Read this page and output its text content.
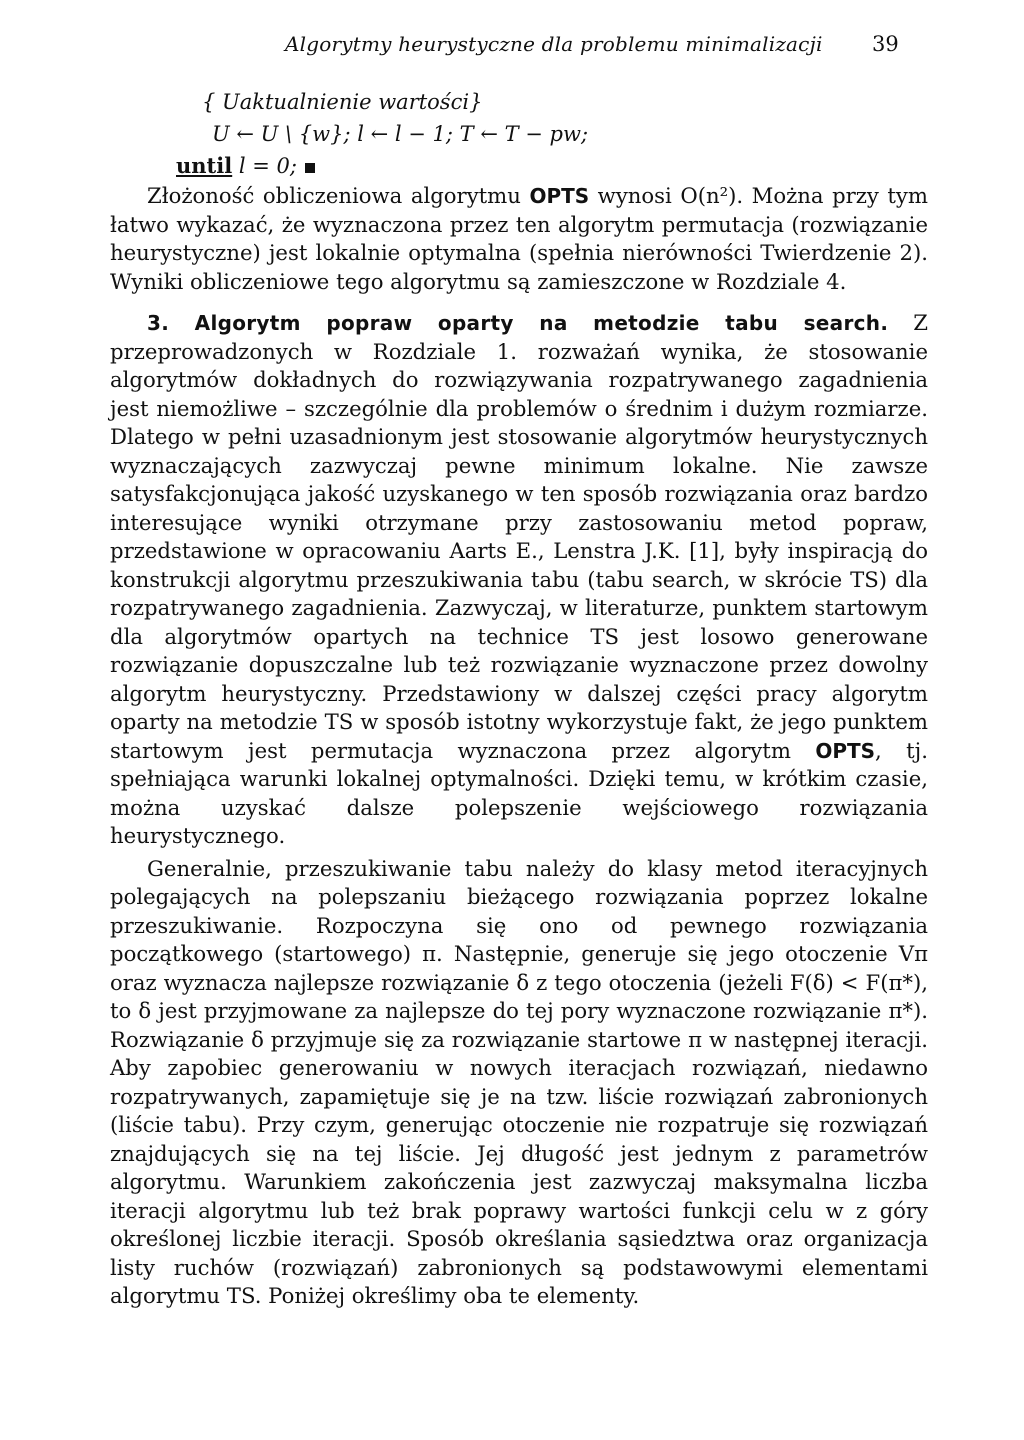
Algorytmy heurystyczne dla problemu minimalizacji 39
{ Uaktualnienie wartości}
U ← U \ {w}; l ← l − 1; T ← T − pw;
until l = 0;

Złożoność obliczeniowa algorytmu OPTS wynosi O(n²). Można przy tym łatwo wykazać, że wyznaczona przez ten algorytm permutacja (rozwiązanie heurystyczne) jest lokalnie optymalna (spełnia nierówności Twierdzenie 2). Wyniki obliczeniowe tego algorytmu są zamieszczone w Rozdziale 4.

3. Algorytm popraw oparty na metodzie tabu search. Z przeprowadzonych w Rozdziale 1. rozważań wynika, że stosowanie algorytmów dokładnych do rozwiązywania rozpatrywanego zagadnienia jest niemożliwe – szczególnie dla problemów o średnim i dużym rozmiarze. Dlatego w pełni uzasadnionym jest stosowanie algorytmów heurystycznych wyznaczających zazwyczaj pewne minimum lokalne. Nie zawsze satysfakcjonująca jakość uzyskanego w ten sposób rozwiązania oraz bardzo interesujące wyniki otrzymane przy zastosowaniu metod popraw, przedstawione w opracowaniu Aarts E., Lenstra J.K. [1], były inspiracją do konstrukcji algorytmu przeszukiwania tabu (tabu search, w skrócie TS) dla rozpatrywanego zagadnienia. Zazwyczaj, w literaturze, punktem startowym dla algorytmów opartych na technice TS jest losowo generowane rozwiązanie dopuszczalne lub też rozwiązanie wyznaczone przez dowolny algorytm heurystyczny. Przedstawiony w dalszej części pracy algorytm oparty na metodzie TS w sposób istotny wykorzystuje fakt, że jego punktem startowym jest permutacja wyznaczona przez algorytm OPTS, tj. spełniająca warunki lokalnej optymalności. Dzięki temu, w krótkim czasie, można uzyskać dalsze polepszenie wejściowego rozwiązania heurystycznego.

Generalnie, przeszukiwanie tabu należy do klasy metod iteracyjnych polegających na polepszaniu bieżącego rozwiązania poprzez lokalne przeszukiwanie. Rozpoczyna się ono od pewnego rozwiązania początkowego (startowego) π. Następnie, generuje się jego otoczenie Vπ oraz wyznacza najlepsze rozwiązanie δ z tego otoczenia (jeżeli F(δ) < F(π*), to δ jest przyjmowane za najlepsze do tej pory wyznaczone rozwiązanie π*). Rozwiązanie δ przyjmuje się za rozwiązanie startowe π w następnej iteracji. Aby zapobiec generowaniu w nowych iteracjach rozwiązań, niedawno rozpatrywanych, zapamiętuje się je na tzw. liście rozwiązań zabronionych (liście tabu). Przy czym, generując otoczenie nie rozpatruje się rozwiązań znajdujących się na tej liście. Jej długość jest jednym z parametrów algorytmu. Warunkiem zakończenia jest zazwyczaj maksymalna liczba iteracji algorytmu lub też brak poprawy wartości funkcji celu w z góry określonej liczbie iteracji. Sposób określania sąsiedztwa oraz organizacja listy ruchów (rozwiązań) zabronionych są podstawowymi elementami algorytmu TS. Poniżej określimy oba te elementy.
